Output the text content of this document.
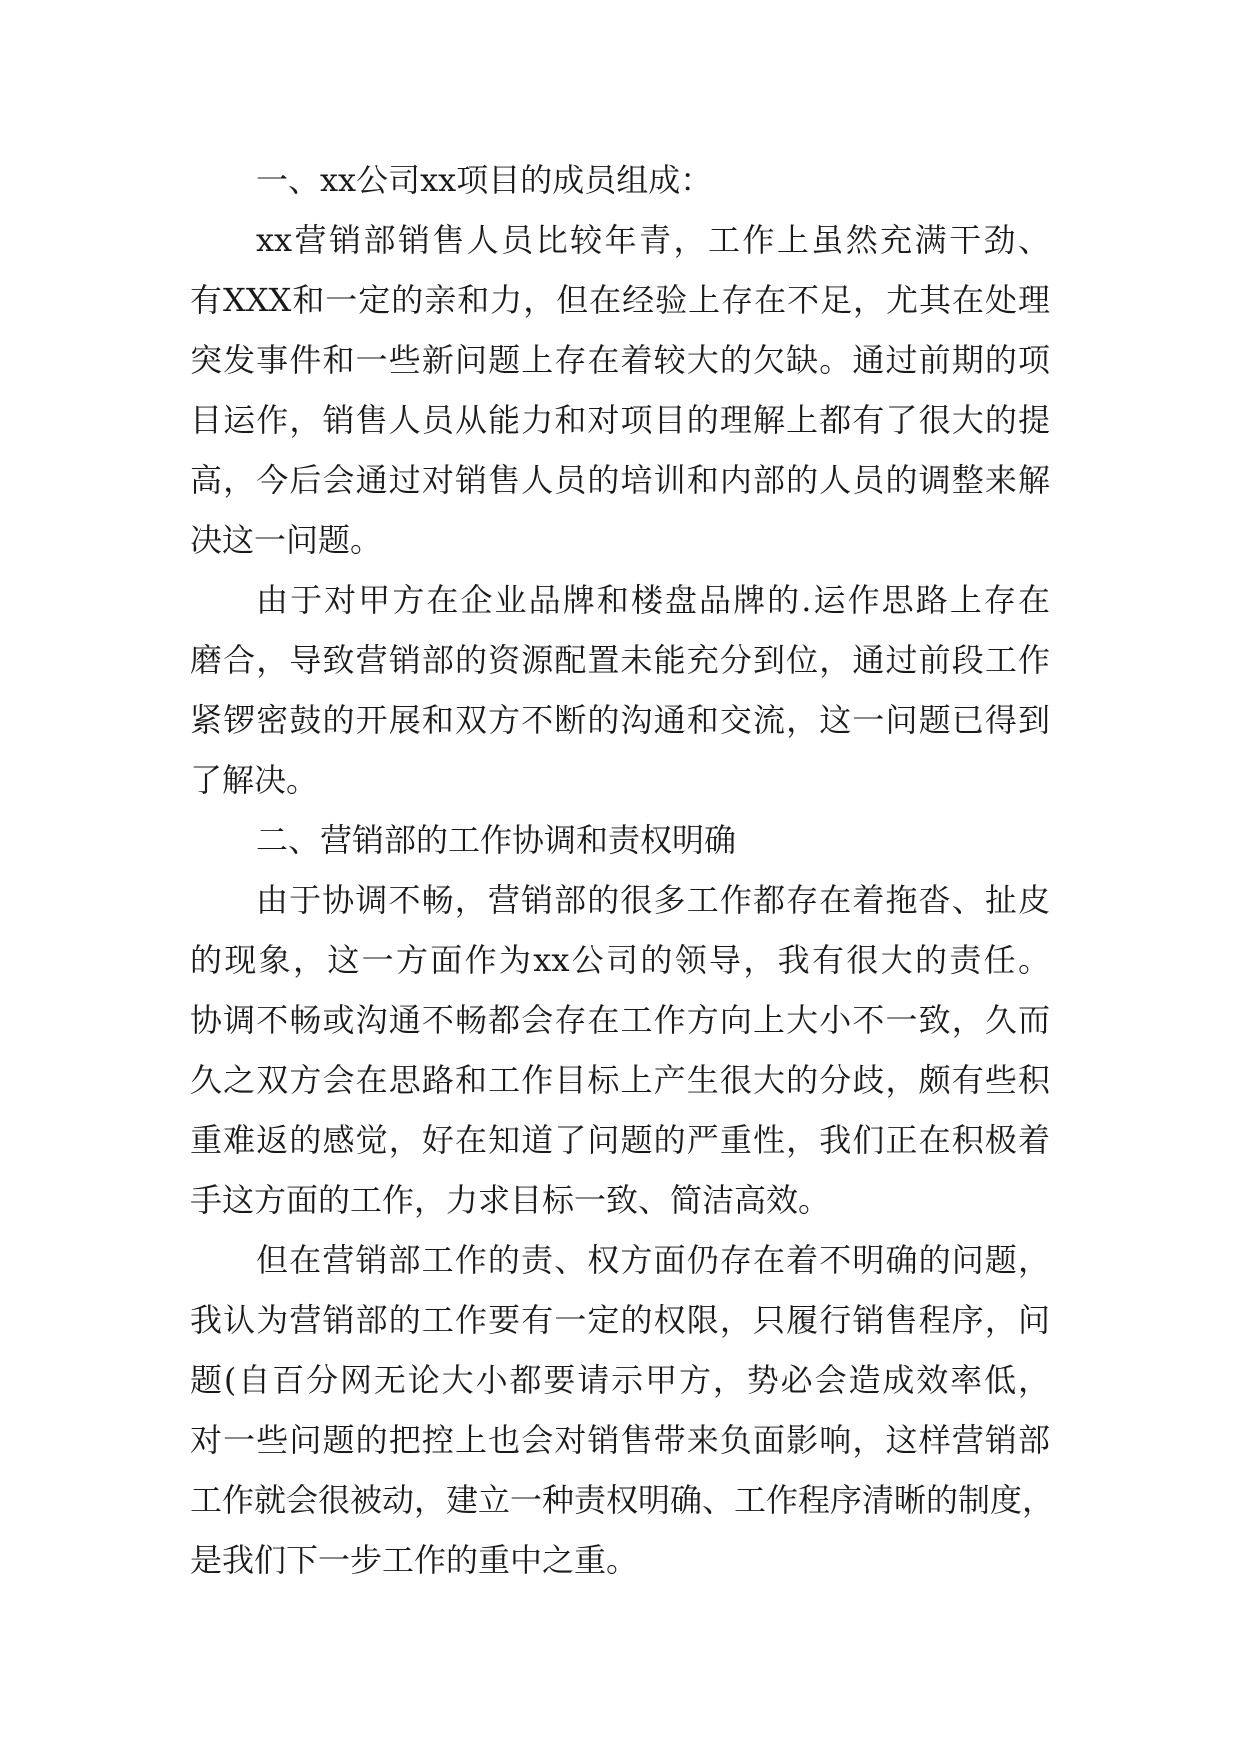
一、xx公司xx项目的成员组成：
xx营销部销售人员比较年青，工作上虽然充满干劲、
有XXX和一定的亲和力，但在经验上存在不足，尤其在处理
突发事件和一些新问题上存在着较大的欠缺。通过前期的项
目运作，销售人员从能力和对项目的理解上都有了很大的提
高，今后会通过对销售人员的培训和内部的人员的调整来解
决这一问题。
由于对甲方在企业品牌和楼盘品牌的.运作思路上存在
磨合，导致营销部的资源配置未能充分到位，通过前段工作
紧锣密鼓的开展和双方不断的沟通和交流，这一问题已得到
了解决。
二、营销部的工作协调和责权明确
由于协调不畅，营销部的很多工作都存在着拖沓、扯皮
的现象，这一方面作为xx公司的领导，我有很大的责任。
协调不畅或沟通不畅都会存在工作方向上大小不一致，久而
久之双方会在思路和工作目标上产生很大的分歧，颇有些积
重难返的感觉，好在知道了问题的严重性，我们正在积极着
手这方面的工作，力求目标一致、简洁高效。
但在营销部工作的责、权方面仍存在着不明确的问题，
我认为营销部的工作要有一定的权限，只履行销售程序，问
题(自百分网无论大小都要请示甲方，势必会造成效率低，
对一些问题的把控上也会对销售带来负面影响，这样营销部
工作就会很被动，建立一种责权明确、工作程序清晰的制度，
是我们下一步工作的重中之重。
